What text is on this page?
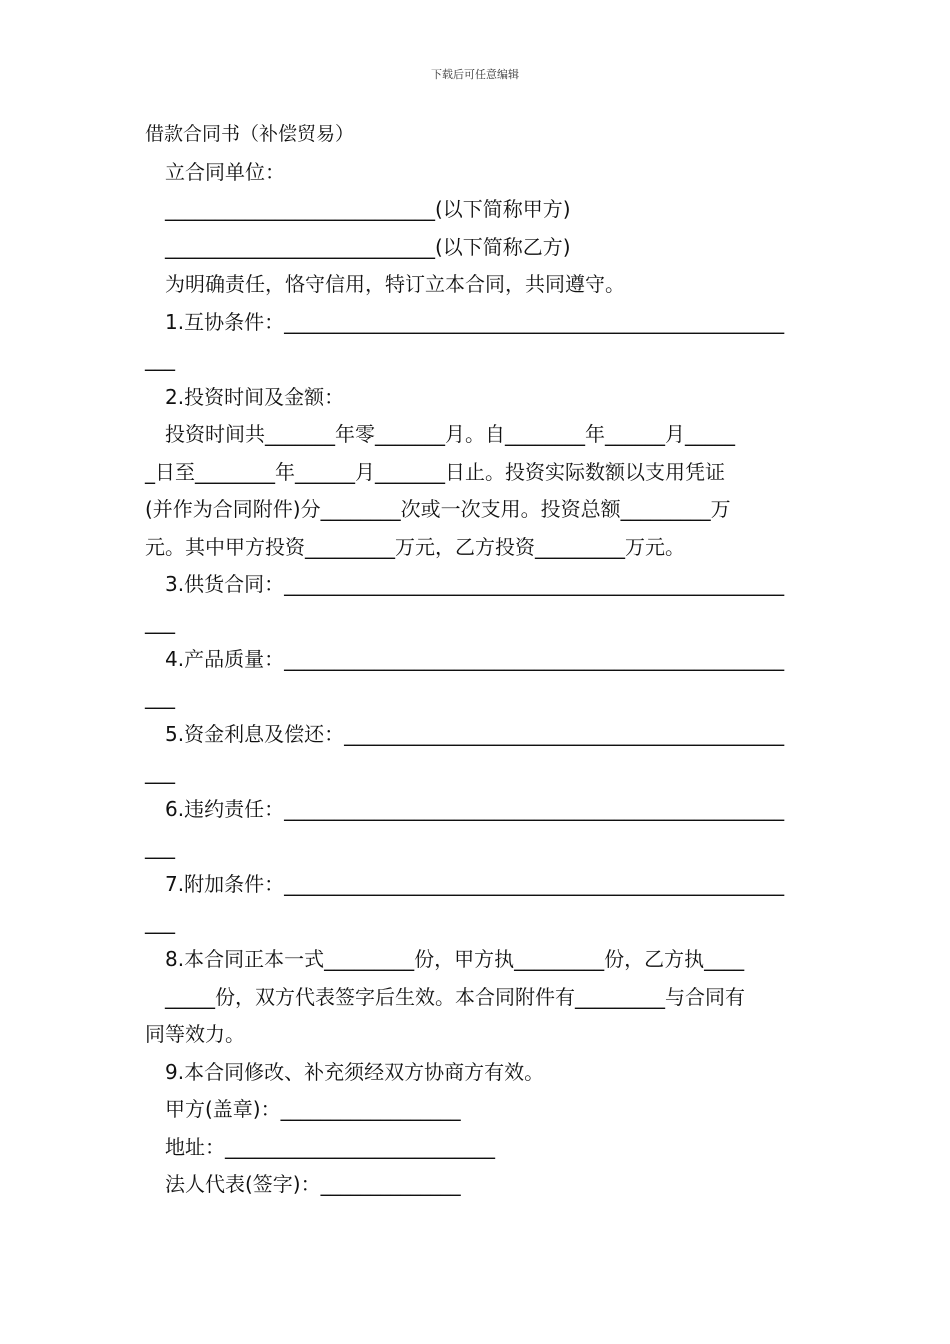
下载后可任意编辑
借款合同书（补偿贸易）
立合同单位：
___________________________(以下简称甲方)
___________________________(以下简称乙方)
为明确责任，恪守信用，特订立本合同，共同遵守。
1.互协条件：__________________________________________________
___
2.投资时间及金额：
投资时间共_______年零_______月。自________年______月_____
_日至________年______月_______日止。投资实际数额以支用凭证
(并作为合同附件)分________次或一次支用。投资总额_________万
元。其中甲方投资_________万元，乙方投资_________万元。
3.供货合同：__________________________________________________
___
4.产品质量：__________________________________________________
___
5.资金利息及偿还：____________________________________________
___
6.违约责任：__________________________________________________
___
7.附加条件：__________________________________________________
___
8.本合同正本一式_________份，甲方执_________份，乙方执____
_____份，双方代表签字后生效。本合同附件有_________与合同有
同等效力。
9.本合同修改、补充须经双方协商方有效。
甲方(盖章)：__________________
地址：___________________________
法人代表(签字)：______________
